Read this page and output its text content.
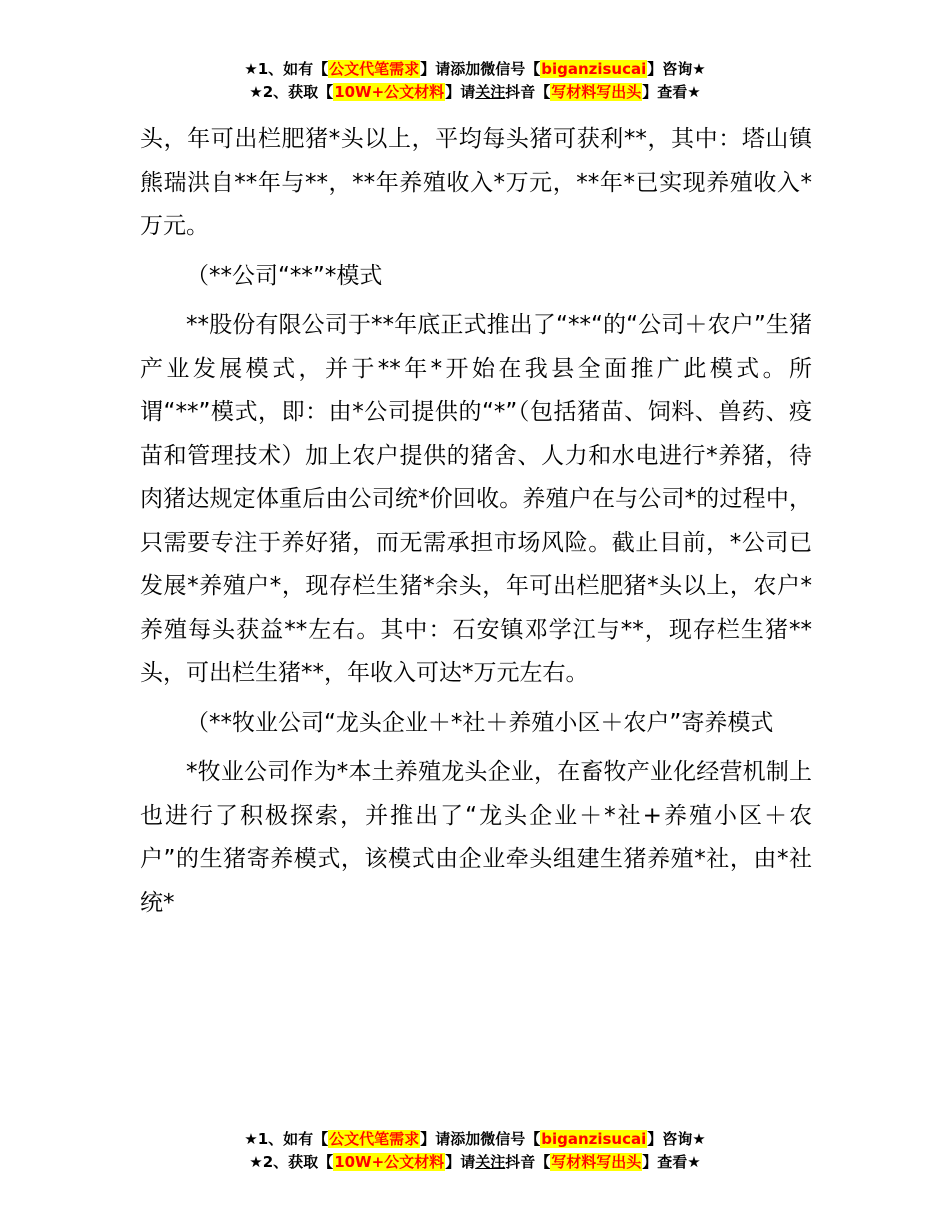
★1、如有【公文代笔需求】请添加微信号【biganzisucai】咨询★
★2、获取【10W+公文材料】请关注抖音【写材料写出头】查看★

头，年可出栏肥猪*头以上，平均每头猪可获利**，其中：塔山镇熊瑞洪自**年与**，**年养殖收入*万元，**年*已实现养殖收入*万元。

（**公司“**”*模式

**股份有限公司于**年底正式推出了“**“的“公司＋农户”生猪产业发展模式，并于**年*开始在我县全面推广此模式。所谓“**”模式，即：由*公司提供的“*”（包括猪苗、饲料、兽药、疫苗和管理技术）加上农户提供的猪舍、人力和水电进行*养猪，待肉猪达规定体重后由公司统*价回收。养殖户在与公司*的过程中，只需要专注于养好猪，而无需承担市场风险。截止目前，*公司已发展*养殖户*，现存栏生猪*余头，年可出栏肥猪*头以上，农户*养殖每头获益**左右。其中：石安镇邓学江与**，现存栏生猪**头，可出栏生猪**，年收入可达*万元左右。

（**牧业公司“龙头企业＋*社＋养殖小区＋农户”寄养模式

*牧业公司作为*本土养殖龙头企业，在畜牧产业化经营机制上也进行了积极探索，并推出了“龙头企业＋*社+养殖小区＋农户”的生猪寄养模式，该模式由企业牵头组建生猪养殖*社，由*社统*

★1、如有【公文代笔需求】请添加微信号【biganzisucai】咨询★
★2、获取【10W+公文材料】请关注抖音【写材料写出头】查看★
